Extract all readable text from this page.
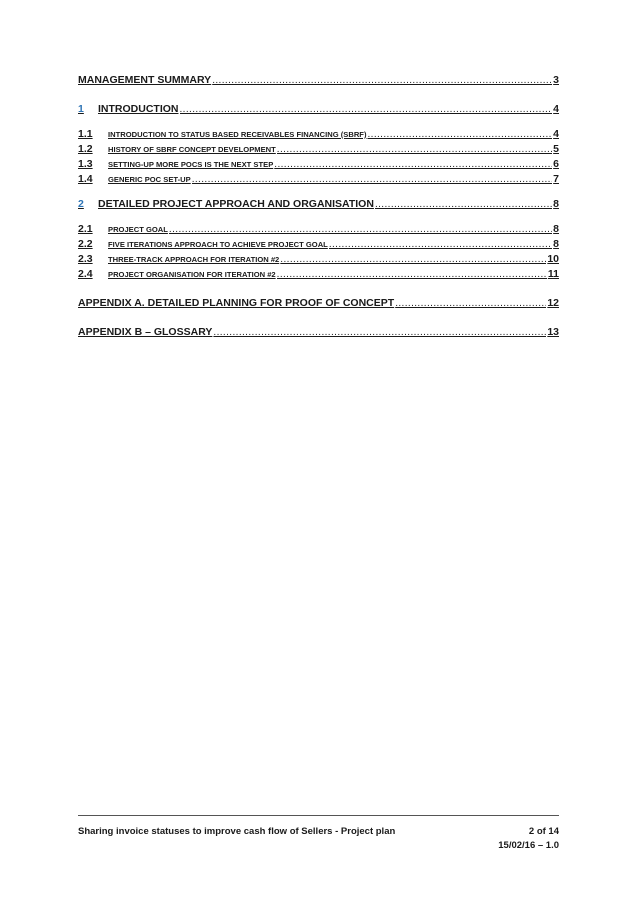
MANAGEMENT SUMMARY .....	3
1	INTRODUCTION .....	4
1.1	INTRODUCTION TO STATUS BASED RECEIVABLES FINANCING (SBRF) .....	4
1.2	HISTORY OF SBRF CONCEPT DEVELOPMENT .....	5
1.3	SETTING-UP MORE POCS IS THE NEXT STEP .....	6
1.4	GENERIC POC SET-UP .....	7
2	DETAILED PROJECT APPROACH AND ORGANISATION .....	8
2.1	PROJECT GOAL .....	8
2.2	FIVE ITERATIONS APPROACH TO ACHIEVE PROJECT GOAL .....	8
2.3	THREE-TRACK APPROACH FOR ITERATION #2 .....	10
2.4	PROJECT ORGANISATION FOR ITERATION #2 .....	11
APPENDIX A. DETAILED PLANNING FOR PROOF OF CONCEPT .....	12
APPENDIX B – GLOSSARY .....	13
Sharing invoice statuses to improve cash flow of Sellers - Project plan	2 of 14
15/02/16 – 1.0
